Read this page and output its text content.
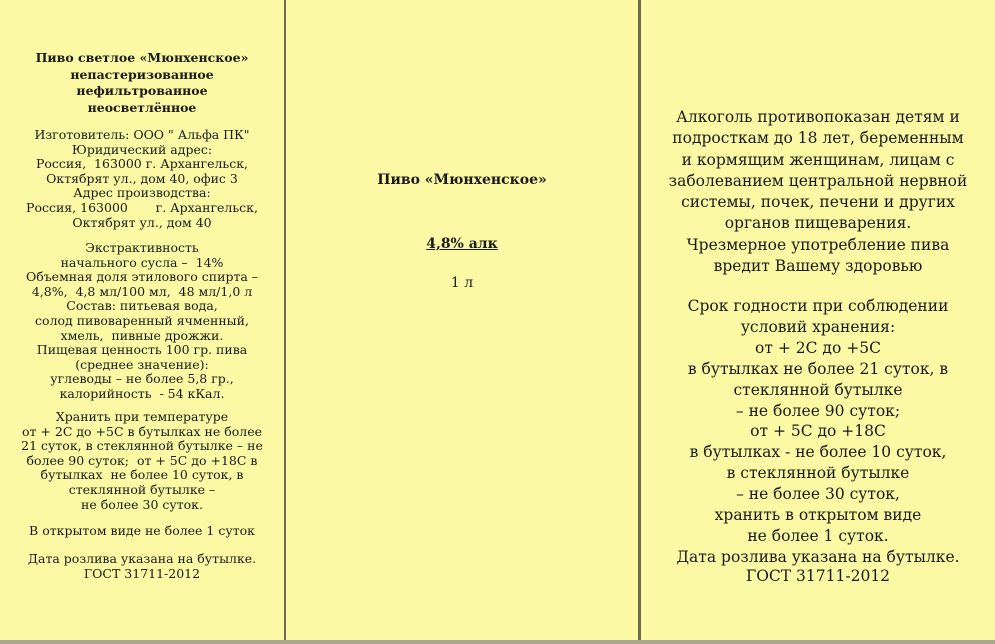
Пиво светлое «Мюнхенское»
непастеризованное
нефильтрованное
неосветлённое
Изготовитель: ООО " Альфа ПК"
Юридический адрес:
Россия,  163000 г. Архангельск,
Октябрят ул., дом 40, офис 3
Адрес производства:
Россия, 163000       г. Архангельск,
Октябрят ул., дом 40
Экстрактивность
начального сусла –  14%
Объемная доля этилового спирта –
4,8%,  4,8 мл/100 мл,  48 мл/1,0 л
Состав: питьевая вода,
солод пивоваренный ячменный,
хмель,  пивные дрожжи.
Пищевая ценность 100 гр. пива
(среднее значение):
углеводы – не более 5,8 гр.,
калорийность  - 54 кКал.
Хранить при температуре
от + 2С до +5С в бутылках не более
21 суток, в стеклянной бутылке – не
более 90 суток;  от + 5С до +18С в
бутылках  не более 10 суток, в
стеклянной бутылке –
не более 30 суток.
В открытом виде не более 1 суток
Дата розлива указана на бутылке.
ГОСТ 31711-2012
Пиво «Мюнхенское»
4,8% алк
1 л
Алкоголь противопоказан детям и
подросткам до 18 лет, беременным
и кормящим женщинам, лицам с
заболеванием центральной нервной
системы, почек, печени и других
органов пищеварения.
Чрезмерное употребление пива
вредит Вашему здоровью
Срок годности при соблюдении
условий хранения:
от + 2С до +5С
в бутылках не более 21 суток, в
стеклянной бутылке
– не более 90 суток;
от + 5С до +18С
в бутылках - не более 10 суток,
в стеклянной бутылке
– не более 30 суток,
хранить в открытом виде
не более 1 суток.
Дата розлива указана на бутылке.
ГОСТ 31711-2012
